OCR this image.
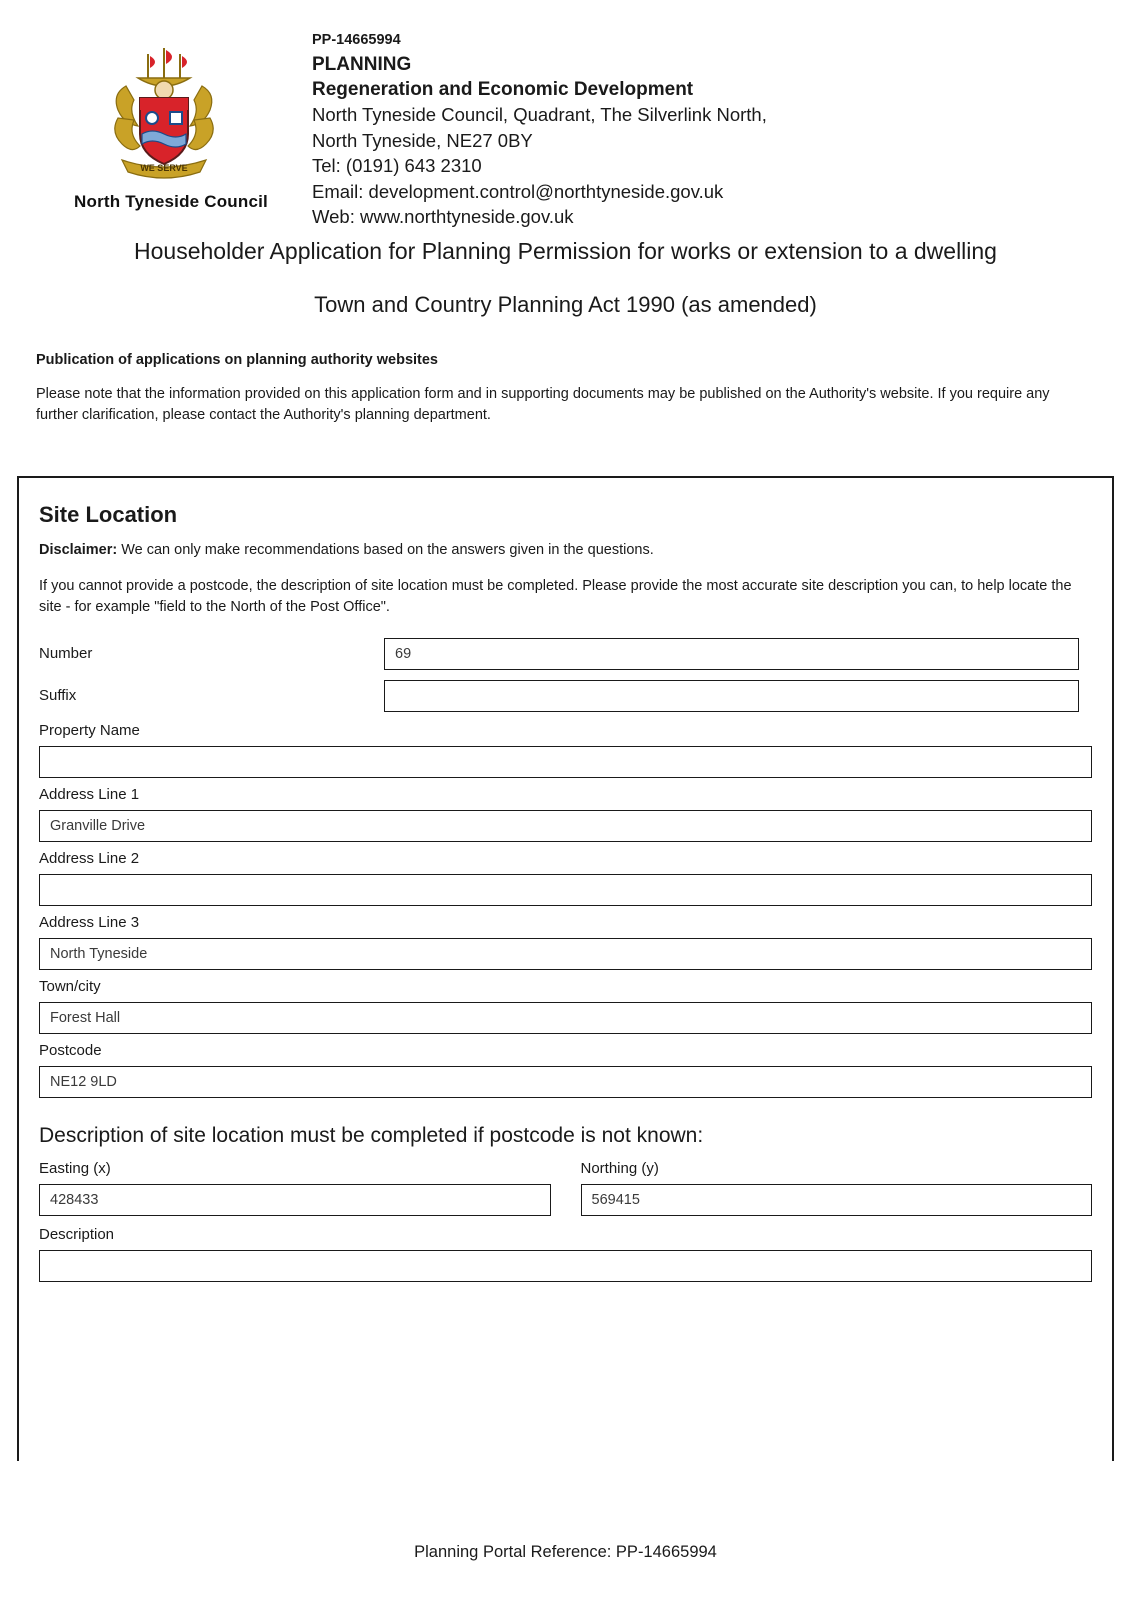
WE SERVE
North Tyneside Council
PP-14665994
PLANNING
Regeneration and Economic Development
North Tyneside Council, Quadrant, The Silverlink North,
North Tyneside, NE27 0BY
Tel: (0191) 643 2310
Email: development.control@northtyneside.gov.uk
Web: www.northtyneside.gov.uk
Householder Application for Planning Permission for works or extension to a dwelling
Town and Country Planning Act 1990 (as amended)
Publication of applications on planning authority websites
Please note that the information provided on this application form and in supporting documents may be published on the Authority's website. If you require any further clarification, please contact the Authority's planning department.
Site Location
Disclaimer: We can only make recommendations based on the answers given in the questions.
If you cannot provide a postcode, the description of site location must be completed. Please provide the most accurate site description you can, to help locate the site - for example "field to the North of the Post Office".
Number
69
Suffix
Property Name
Address Line 1
Granville Drive
Address Line 2
Address Line 3
North Tyneside
Town/city
Forest Hall
Postcode
NE12 9LD
Description of site location must be completed if postcode is not known:
Easting (x)
428433	Northing (y)
569415
Description
Planning Portal Reference: PP-14665994
